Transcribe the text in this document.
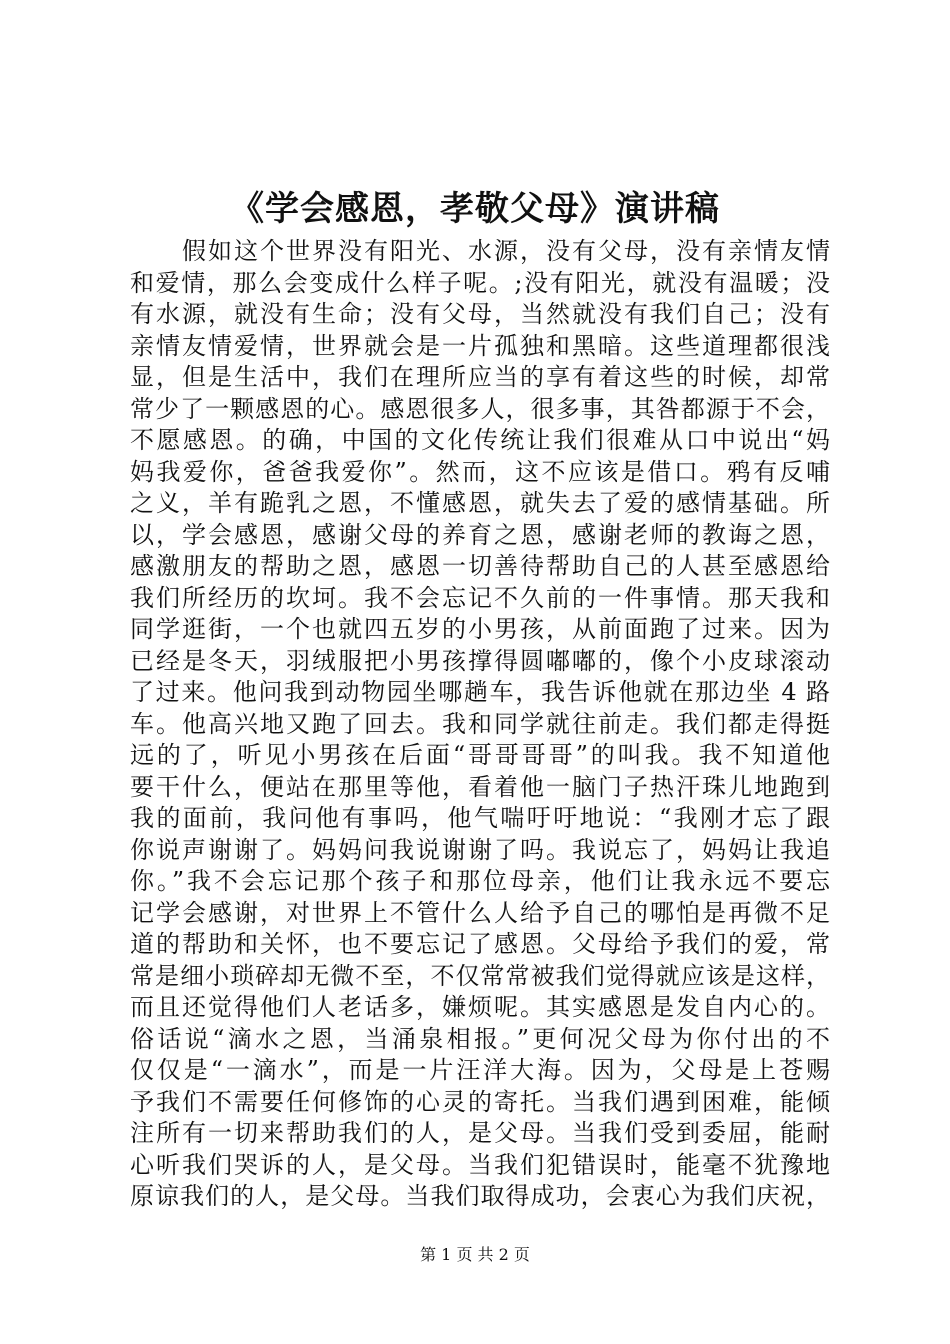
《学会感恩，孝敬父母》演讲稿
假如这个世界没有阳光、水源，没有父母，没有亲情友情
和爱情，那么会变成什么样子呢。;没有阳光，就没有温暖；没
有水源，就没有生命；没有父母，当然就没有我们自己；没有
亲情友情爱情，世界就会是一片孤独和黑暗。这些道理都很浅
显，但是生活中，我们在理所应当的享有着这些的时候，却常
常少了一颗感恩的心。感恩很多人，很多事，其咎都源于不会，
不愿感恩。的确，中国的文化传统让我们很难从口中说出“妈
妈我爱你，爸爸我爱你”。然而，这不应该是借口。鸦有反哺
之义，羊有跪乳之恩，不懂感恩，就失去了爱的感情基础。所
以，学会感恩，感谢父母的养育之恩，感谢老师的教诲之恩，
感激朋友的帮助之恩，感恩一切善待帮助自己的人甚至感恩给
我们所经历的坎坷。我不会忘记不久前的一件事情。那天我和
同学逛街，一个也就四五岁的小男孩，从前面跑了过来。因为
已经是冬天，羽绒服把小男孩撑得圆嘟嘟的，像个小皮球滚动
了过来。他问我到动物园坐哪趟车，我告诉他就在那边坐 4 路
车。他高兴地又跑了回去。我和同学就往前走。我们都走得挺
远的了，听见小男孩在后面“哥哥哥哥”的叫我。我不知道他
要干什么，便站在那里等他，看着他一脑门子热汗珠儿地跑到
我的面前，我问他有事吗，他气喘吁吁地说：“我刚才忘了跟
你说声谢谢了。妈妈问我说谢谢了吗。我说忘了，妈妈让我追
你。”我不会忘记那个孩子和那位母亲，他们让我永远不要忘
记学会感谢，对世界上不管什么人给予自己的哪怕是再微不足
道的帮助和关怀，也不要忘记了感恩。父母给予我们的爱，常
常是细小琐碎却无微不至，不仅常常被我们觉得就应该是这样，
而且还觉得他们人老话多，嫌烦呢。其实感恩是发自内心的。
俗话说“滴水之恩，当涌泉相报。”更何况父母为你付出的不
仅仅是“一滴水”，而是一片汪洋大海。因为，父母是上苍赐
予我们不需要任何修饰的心灵的寄托。当我们遇到困难，能倾
注所有一切来帮助我们的人，是父母。当我们受到委屈，能耐
心听我们哭诉的人，是父母。当我们犯错误时，能毫不犹豫地
原谅我们的人，是父母。当我们取得成功，会衷心为我们庆祝，
第 1 页 共 2 页
